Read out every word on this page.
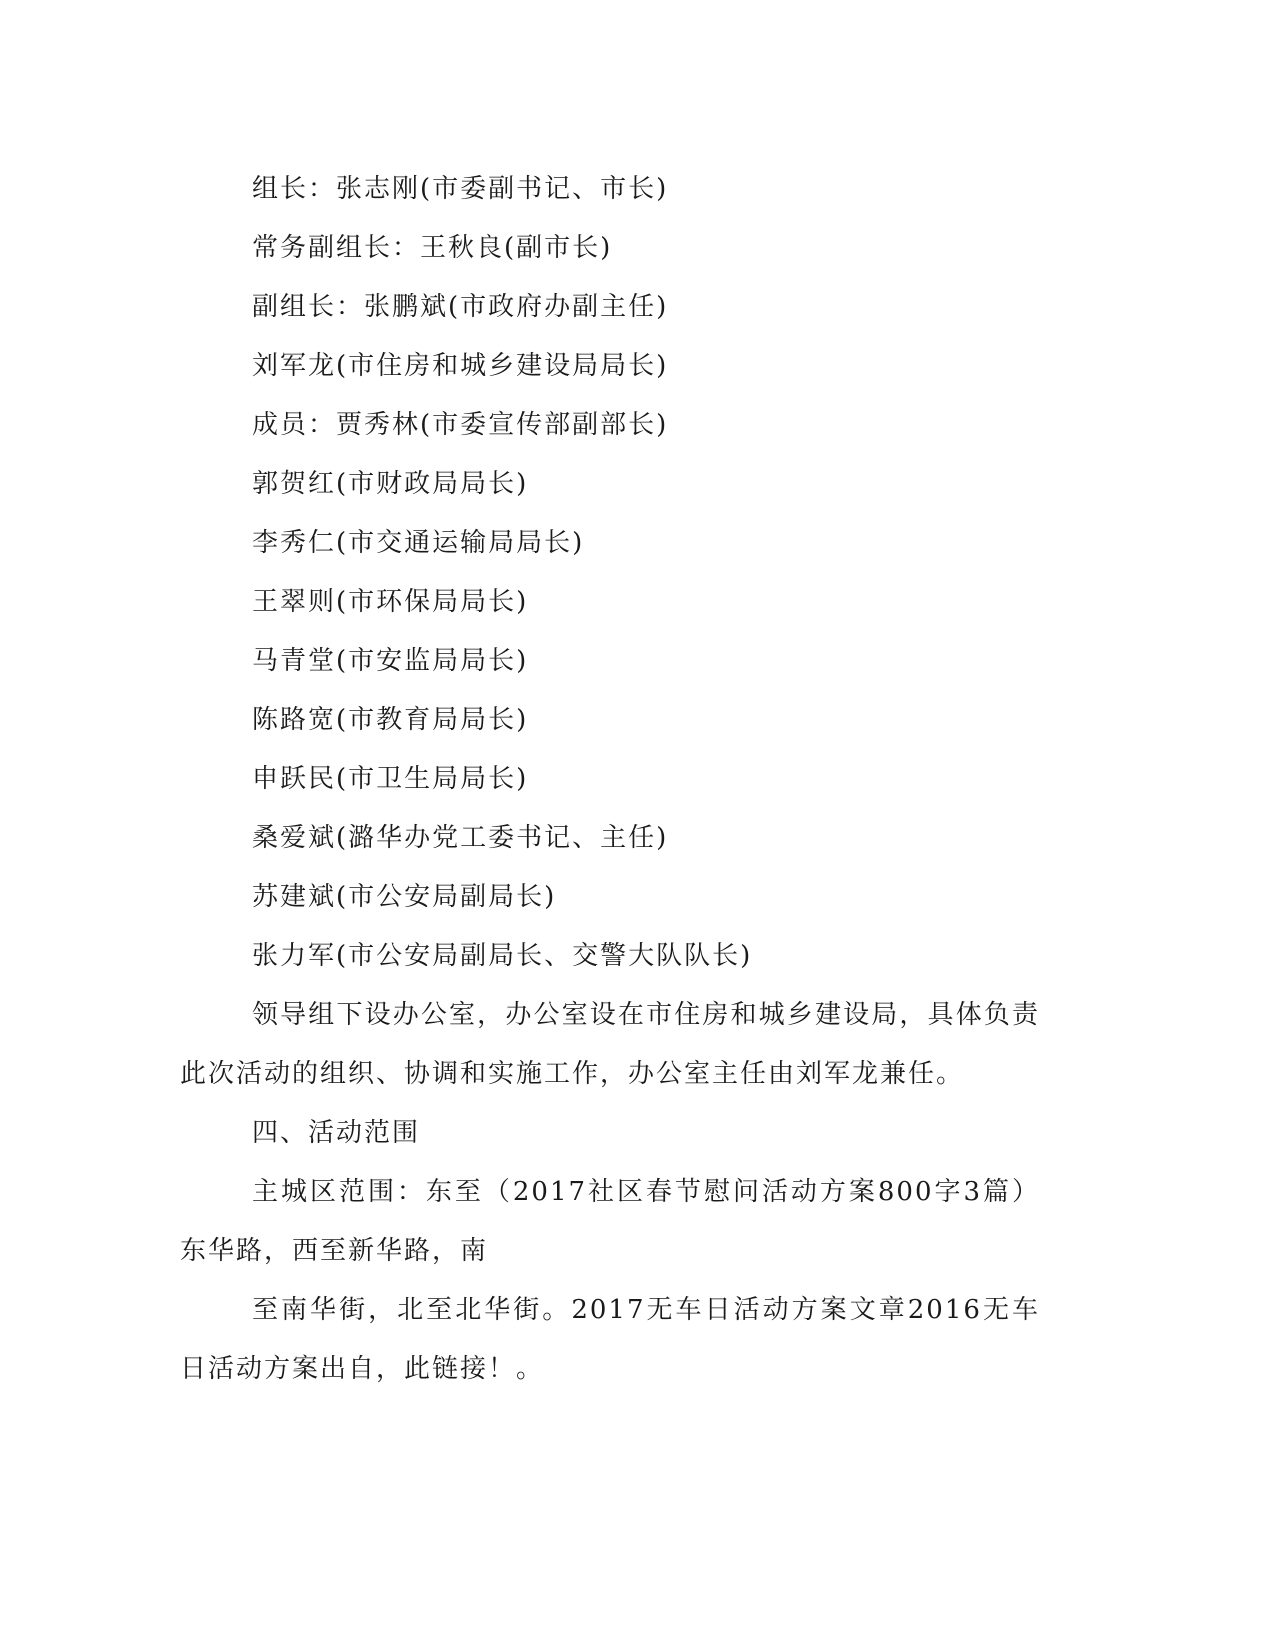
组长：张志刚(市委副书记、市长)
常务副组长：王秋良(副市长)
副组长：张鹏斌(市政府办副主任)
刘军龙(市住房和城乡建设局局长)
成员：贾秀林(市委宣传部副部长)
郭贺红(市财政局局长)
李秀仁(市交通运输局局长)
王翠则(市环保局局长)
马青堂(市安监局局长)
陈路宽(市教育局局长)
申跃民(市卫生局局长)
桑爱斌(潞华办党工委书记、主任)
苏建斌(市公安局副局长)
张力军(市公安局副局长、交警大队队长)
领导组下设办公室，办公室设在市住房和城乡建设局，具体负责此次活动的组织、协调和实施工作，办公室主任由刘军龙兼任。
四、活动范围
主城区范围：东至（2017社区春节慰问活动方案800字3篇）东华路，西至新华路，南
至南华街，北至北华街。2017无车日活动方案文章2016无车日活动方案出自，此链接！。
